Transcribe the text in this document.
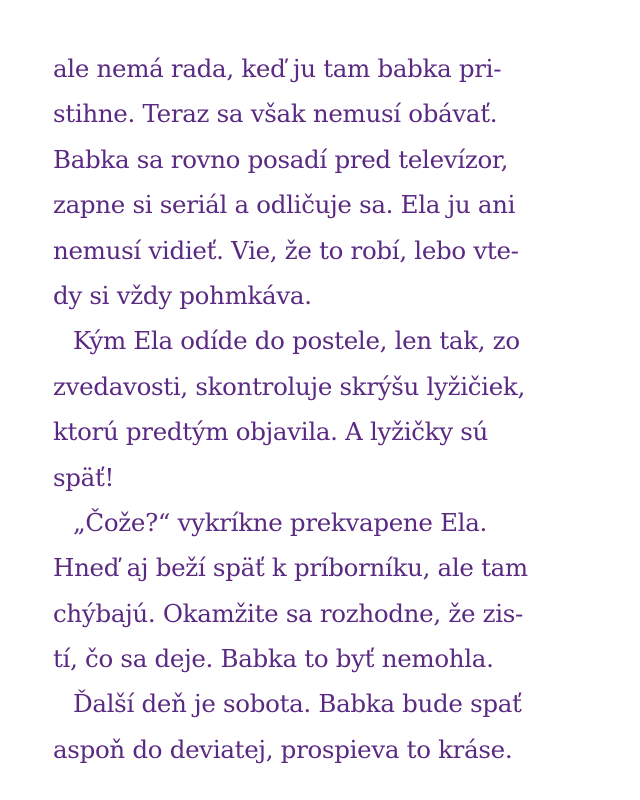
ale nemá rada, keď ju tam babka pri-
stihne. Teraz sa však nemusí obávať.
Babka sa rovno posadí pred televízor,
zapne si seriál a odličuje sa. Ela ju ani
nemusí vidieť. Vie, že to robí, lebo vte-
dy si vždy pohmkáva.
Kým Ela odíde do postele, len tak, zo
zvedavosti, skontroluje skrýšu lyžičiek,
ktorú predtým objavila. A lyžičky sú
späť!
„Čože?“ vykríkne prekvapene Ela.
Hneď aj beží späť k príborníku, ale tam
chýbajú. Okamžite sa rozhodne, že zis-
tí, čo sa deje. Babka to byť nemohla.
Ďalší deň je sobota. Babka bude spať
aspoň do deviatej, prospieva to kráse.
